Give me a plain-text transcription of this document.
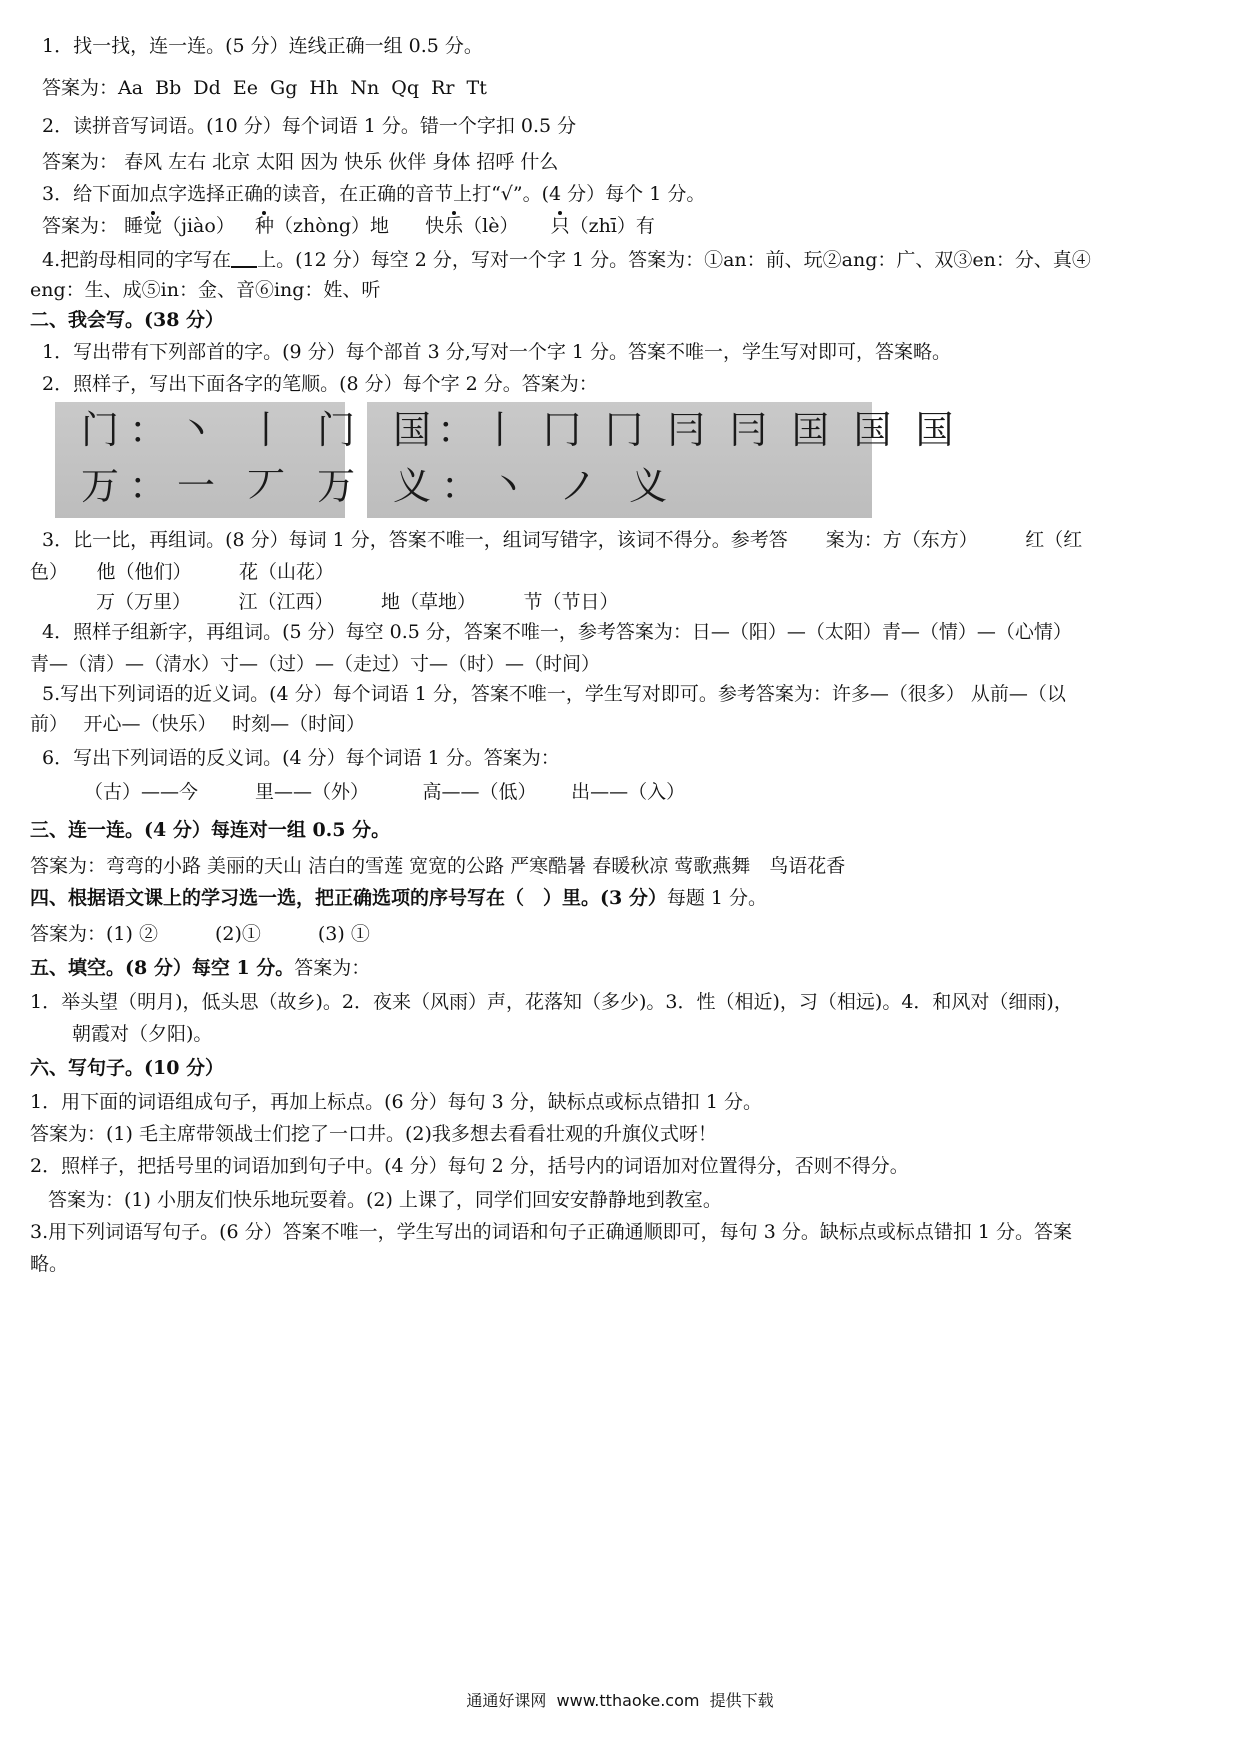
1．找一找，连一连。(5 分）连线正确一组 0.5 分。
答案为：Aa  Bb  Dd  Ee  Gg  Hh  Nn  Qq  Rr  Tt
2．读拼音写词语。(10 分）每个词语 1 分。错一个字扣 0.5 分
答案为： 春风 左右 北京 太阳 因为 快乐 伙伴 身体 招呼 什么
3．给下面加点字选择正确的读音，在正确的音节上打“√”。(4 分）每个 1 分。
答案为： 睡觉（jiào） 种（zhòng）地 快乐（lè） 只（zhī）有
4.把韵母相同的字写在 上。(12 分）每空 2 分，写对一个字 1 分。答案为：①an：前、玩②ang：广、双③en：分、真④
eng：生、成⑤in：金、音⑥ing：姓、听
二、我会写。(38 分）
1．写出带有下列部首的字。(9 分）每个部首 3 分,写对一个字 1 分。答案不唯一，学生写对即可，答案略。
2．照样子，写出下面各字的笔顺。(8 分）每个字 2 分。答案为：
门：丶 丨 门
万：一 丆 万
国：丨 冂 冂 冃 冃 囯 国 国
义：丶 ノ 义
3．比一比，再组词。(8 分）每词 1 分，答案不唯一，组词写错字，该词不得分。参考答　　案为：方（东方）　　　红（红
色）　　他（他们）　　　花（山花）
万（万里）　　　江（江西）　　　地（草地）　　　节（节日）
4．照样子组新字，再组词。(5 分）每空 0.5 分，答案不唯一，参考答案为：日—（阳）—（太阳）青—（情）—（心情）
青—（清）—（清水）寸—（过）—（走过）寸—（时）—（时间）
5.写出下列词语的近义词。(4 分）每个词语 1 分，答案不唯一，学生写对即可。参考答案为：许多—（很多） 从前—（以
前）　 开心—（快乐）　 时刻—（时间）
6．写出下列词语的反义词。(4 分）每个词语 1 分。答案为：
（古）——今　　　里——（外）　　　 高——（低）　　 出——（入）
三、连一连。(4 分）每连对一组 0.5 分。
答案为：弯弯的小路 美丽的天山 洁白的雪莲 宽宽的公路 严寒酷暑 春暖秋凉 莺歌燕舞　鸟语花香
四、根据语文课上的学习选一选，把正确选项的序号写在（　）里。(3 分）每题 1 分。
答案为：(1) ②　　　(2)①　　　(3) ①
五、填空。(8 分）每空 1 分。答案为：
1．举头望（明月)，低头思（故乡)。2．夜来（风雨）声，花落知（多少)。3．性（相近)，习（相远)。4．和风对（细雨)，
朝霞对（夕阳)。
六、写句子。(10 分）
1．用下面的词语组成句子，再加上标点。(6 分）每句 3 分，缺标点或标点错扣 1 分。
答案为：(1) 毛主席带领战士们挖了一口井。(2)我多想去看看壮观的升旗仪式呀！
2．照样子，把括号里的词语加到句子中。(4 分）每句 2 分，括号内的词语加对位置得分，否则不得分。
答案为：(1) 小朋友们快乐地玩耍着。(2) 上课了，同学们回安安静静地到教室。
3.用下列词语写句子。(6 分）答案不唯一，学生写出的词语和句子正确通顺即可，每句 3 分。缺标点或标点错扣 1 分。答案
略。
通通好课网  www.tthaoke.com  提供下载
